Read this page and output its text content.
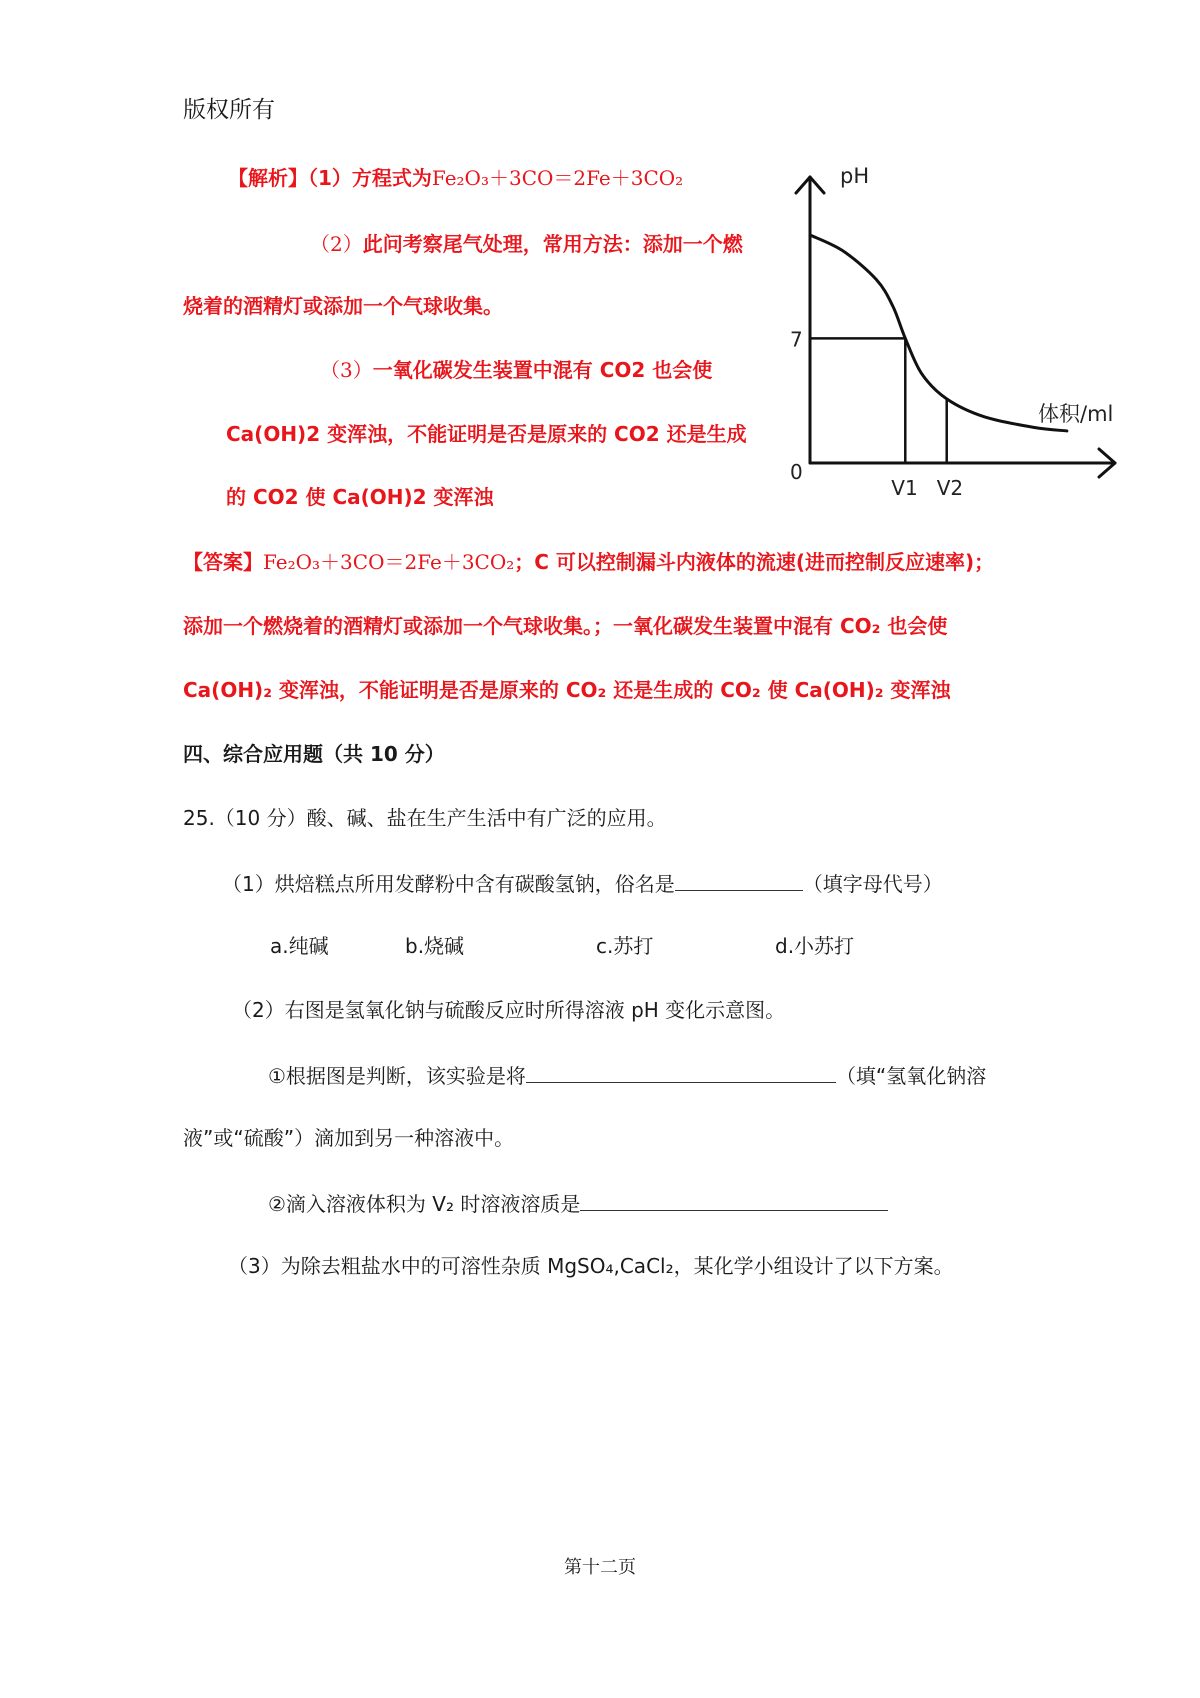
版权所有
【解析】（1）方程式为Fe₂O₃＋3CO＝2Fe＋3CO₂
（2）此问考察尾气处理，常用方法：添加一个燃
烧着的酒精灯或添加一个气球收集。
（3）一氧化碳发生装置中混有 CO2 也会使
Ca(OH)2 变浑浊，不能证明是否是原来的 CO2 还是生成
的 CO2 使 Ca(OH)2 变浑浊
pH
体积/ml
0
7
V1 V2
【答案】Fe₂O₃＋3CO＝2Fe＋3CO₂；C 可以控制漏斗内液体的流速(进而控制反应速率)；
添加一个燃烧着的酒精灯或添加一个气球收集。；一氧化碳发生装置中混有 CO₂ 也会使
Ca(OH)₂ 变浑浊，不能证明是否是原来的 CO₂ 还是生成的 CO₂ 使 Ca(OH)₂ 变浑浊
四、综合应用题（共 10 分）
25.（10 分）酸、碱、盐在生产生活中有广泛的应用。
（1）烘焙糕点所用发酵粉中含有碳酸氢钠，俗名是	（填字母代号）
a.纯碱	b.烧碱	c.苏打	d.小苏打
（2）右图是氢氧化钠与硫酸反应时所得溶液 pH 变化示意图。
①根据图是判断，该实验是将	（填“氢氧化钠溶
液”或“硫酸”）滴加到另一种溶液中。
②滴入溶液体积为 V₂ 时溶液溶质是
（3）为除去粗盐水中的可溶性杂质 MgSO₄,CaCl₂，某化学小组设计了以下方案。
第十二页
